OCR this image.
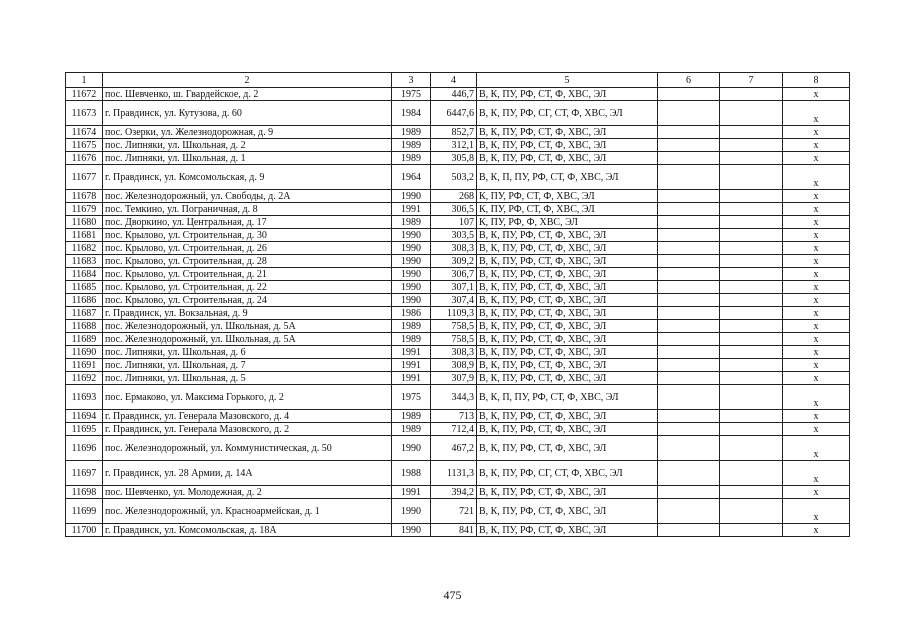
1	2	3	4	5	6	7	8
11672	пос. Шевченко, ш. Гвардейское, д. 2	1975	446,7	В, К, ПУ, РФ, СТ, Ф, ХВС, ЭЛ			х
11673	г. Правдинск, ул. Кутузова, д. 60	1984	6447,6	В, К, ПУ, РФ, СГ, СТ, Ф, ХВС, ЭЛ			х
11674	пос. Озерки, ул. Железнодорожная, д. 9	1989	852,7	В, К, ПУ, РФ, СТ, Ф, ХВС, ЭЛ			х
11675	пос. Липняки, ул. Школьная, д. 2	1989	312,1	В, К, ПУ, РФ, СТ, Ф, ХВС, ЭЛ			х
11676	пос. Липняки, ул. Школьная, д. 1	1989	305,8	В, К, ПУ, РФ, СТ, Ф, ХВС, ЭЛ			х
11677	г. Правдинск, ул. Комсомольская, д. 9	1964	503,2	В, К, П, ПУ, РФ, СТ, Ф, ХВС, ЭЛ			х
11678	пос. Железнодорожный, ул. Свободы, д. 2А	1990	268	К, ПУ, РФ, СТ, Ф, ХВС, ЭЛ			х
11679	пос. Темкино, ул. Пограничная, д. 8	1991	306,5	К, ПУ, РФ, СТ, Ф, ХВС, ЭЛ			х
11680	пос. Дворкино, ул. Центральная, д. 17	1989	107	К, ПУ, РФ, Ф, ХВС, ЭЛ			х
11681	пос. Крылово, ул. Строительная, д. 30	1990	303,5	В, К, ПУ, РФ, СТ, Ф, ХВС, ЭЛ			х
11682	пос. Крылово, ул. Строительная, д. 26	1990	308,3	В, К, ПУ, РФ, СТ, Ф, ХВС, ЭЛ			х
11683	пос. Крылово, ул. Строительная, д. 28	1990	309,2	В, К, ПУ, РФ, СТ, Ф, ХВС, ЭЛ			х
11684	пос. Крылово, ул. Строительная, д. 21	1990	306,7	В, К, ПУ, РФ, СТ, Ф, ХВС, ЭЛ			х
11685	пос. Крылово, ул. Строительная, д. 22	1990	307,1	В, К, ПУ, РФ, СТ, Ф, ХВС, ЭЛ			х
11686	пос. Крылово, ул. Строительная, д. 24	1990	307,4	В, К, ПУ, РФ, СТ, Ф, ХВС, ЭЛ			х
11687	г. Правдинск, ул. Вокзальная, д. 9	1986	1109,3	В, К, ПУ, РФ, СТ, Ф, ХВС, ЭЛ			х
11688	пос. Железнодорожный, ул. Школьная, д. 5А	1989	758,5	В, К, ПУ, РФ, СТ, Ф, ХВС, ЭЛ			х
11689	пос. Железнодорожный, ул. Школьная, д. 5А	1989	758,5	В, К, ПУ, РФ, СТ, Ф, ХВС, ЭЛ			х
11690	пос. Липняки, ул. Школьная, д. 6	1991	308,3	В, К, ПУ, РФ, СТ, Ф, ХВС, ЭЛ			х
11691	пос. Липняки, ул. Школьная, д. 7	1991	308,9	В, К, ПУ, РФ, СТ, Ф, ХВС, ЭЛ			х
11692	пос. Липняки, ул. Школьная, д. 5	1991	307,9	В, К, ПУ, РФ, СТ, Ф, ХВС, ЭЛ			х
11693	пос. Ермаково, ул. Максима Горького, д. 2	1975	344,3	В, К, П, ПУ, РФ, СТ, Ф, ХВС, ЭЛ			х
11694	г. Правдинск, ул. Генерала Мазовского, д. 4	1989	713	В, К, ПУ, РФ, СТ, Ф, ХВС, ЭЛ			х
11695	г. Правдинск, ул. Генерала Мазовского, д. 2	1989	712,4	В, К, ПУ, РФ, СТ, Ф, ХВС, ЭЛ			х
11696	пос. Железнодорожный, ул. Коммунистическая, д. 50	1990	467,2	В, К, ПУ, РФ, СТ, Ф, ХВС, ЭЛ			х
11697	г. Правдинск, ул. 28 Армии, д. 14А	1988	1131,3	В, К, ПУ, РФ, СГ, СТ, Ф, ХВС, ЭЛ			х
11698	пос. Шевченко, ул. Молодежная, д. 2	1991	394,2	В, К, ПУ, РФ, СТ, Ф, ХВС, ЭЛ			х
11699	пос. Железнодорожный, ул. Красноармейская, д. 1	1990	721	В, К, ПУ, РФ, СТ, Ф, ХВС, ЭЛ			х
11700	г. Правдинск, ул. Комсомольская, д. 18А	1990	841	В, К, ПУ, РФ, СТ, Ф, ХВС, ЭЛ			х
475
